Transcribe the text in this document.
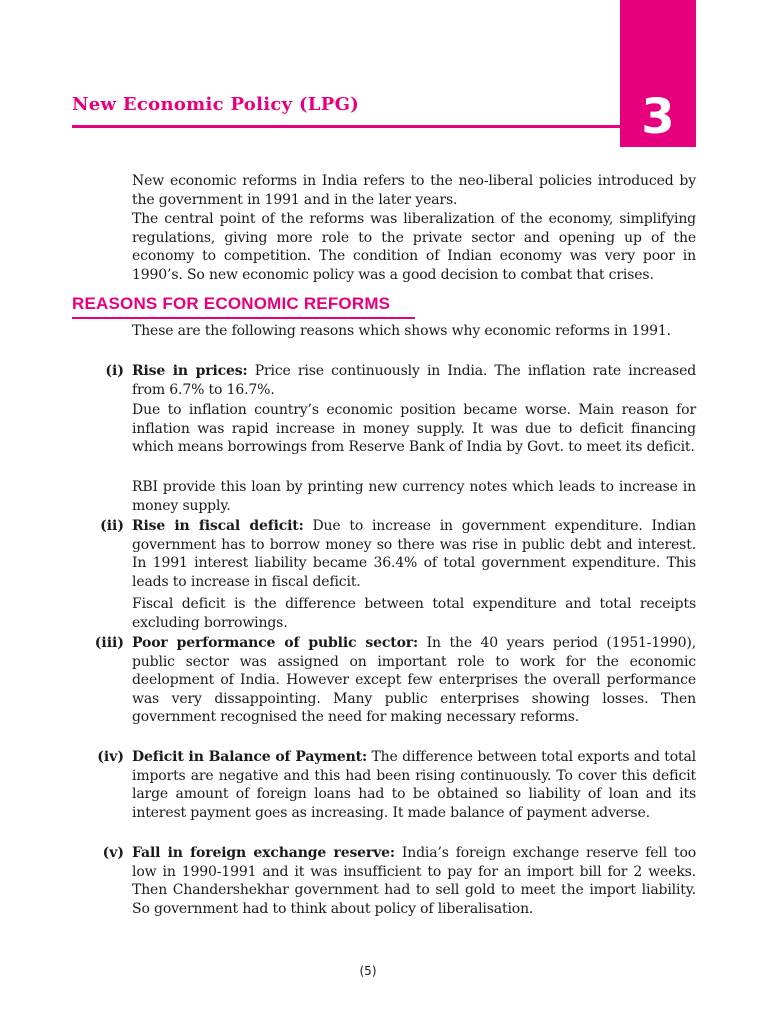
3
New Economic Policy (LPG)
New economic reforms in India refers to the neo-liberal policies introduced by the government in 1991 and in the later years.
The central point of the reforms was liberalization of the economy, simplifying regulations, giving more role to the private sector and opening up of the economy to competition. The condition of Indian economy was very poor in 1990’s. So new economic policy was a good decision to combat that crises.
REASONS FOR ECONOMIC REFORMS
These are the following reasons which shows why economic reforms in 1991.
(i) Rise in prices: Price rise continuously in India. The inflation rate increased from 6.7% to 16.7%.
Due to inflation country’s economic position became worse. Main reason for inflation was rapid increase in money supply. It was due to deficit financing which means borrowings from Reserve Bank of India by Govt. to meet its deficit.
RBI provide this loan by printing new currency notes which leads to increase in money supply.
(ii) Rise in fiscal deficit: Due to increase in government expenditure. Indian government has to borrow money so there was rise in public debt and interest. In 1991 interest liability became 36.4% of total government expenditure. This leads to increase in fiscal deficit.
Fiscal deficit is the difference between total expenditure and total receipts excluding borrowings.
(iii) Poor performance of public sector: In the 40 years period (1951-1990), public sector was assigned on important role to work for the economic deelopment of India. However except few enterprises the overall performance was very dissappointing. Many public enterprises showing losses. Then government recognised the need for making necessary reforms.
(iv) Deficit in Balance of Payment: The difference between total exports and total imports are negative and this had been rising continuously. To cover this deficit large amount of foreign loans had to be obtained so liability of loan and its interest payment goes as increasing. It made balance of payment adverse.
(v) Fall in foreign exchange reserve: India’s foreign exchange reserve fell too low in 1990-1991 and it was insufficient to pay for an import bill for 2 weeks. Then Chandershekhar government had to sell gold to meet the import liability. So government had to think about policy of liberalisation.
(5)
